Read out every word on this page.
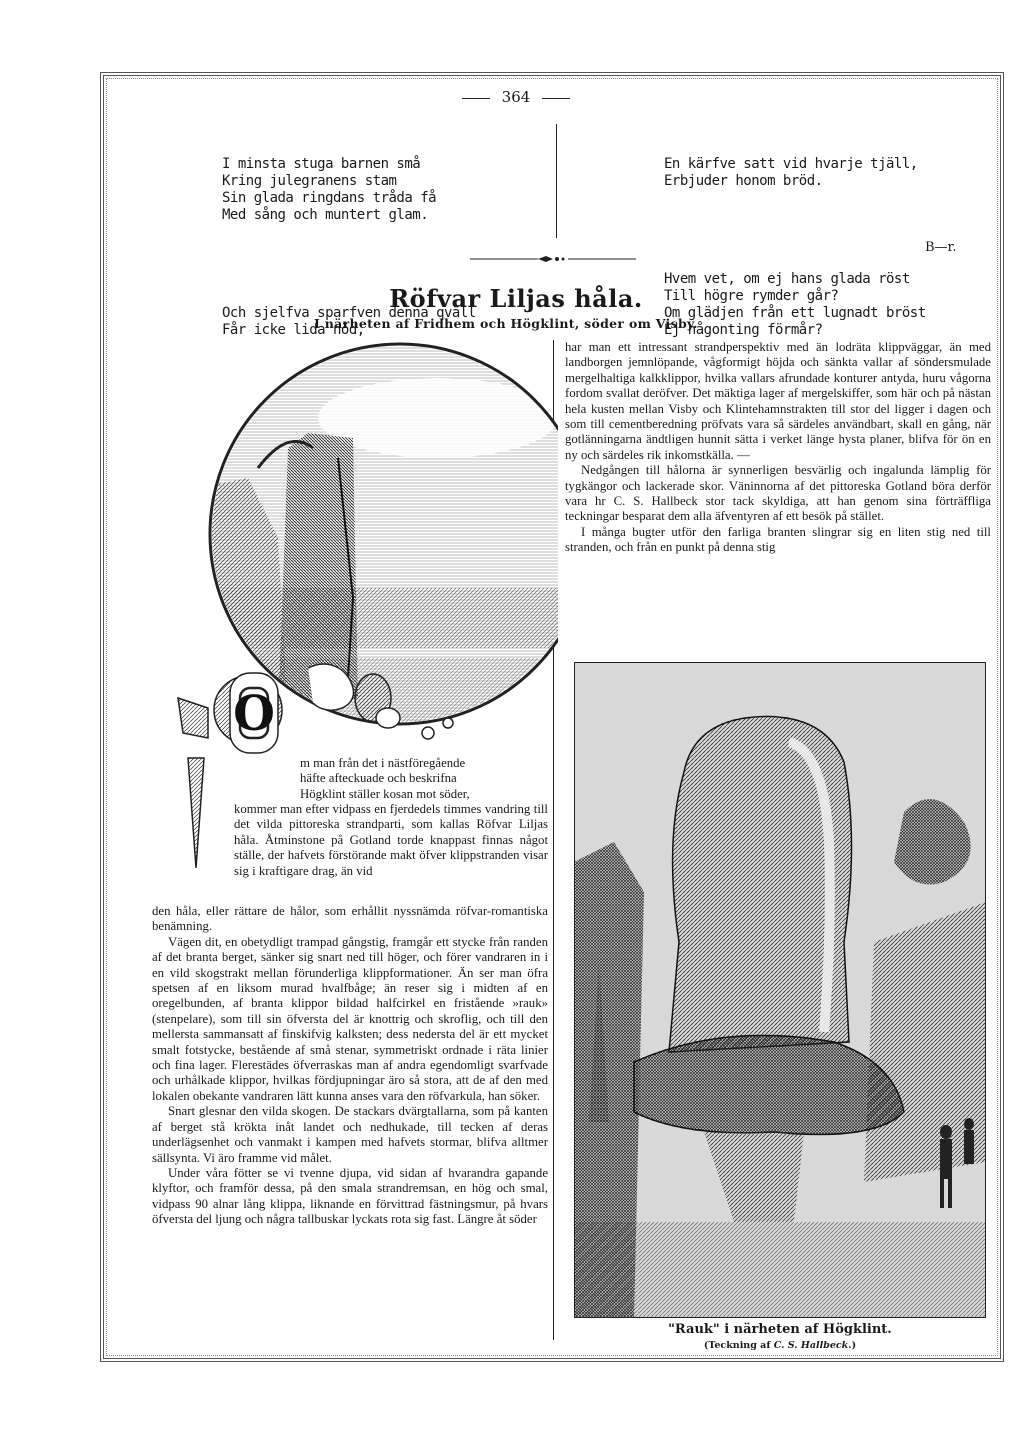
364

I minsta stuga barnen små
Kring julegranens stam
Sin glada ringdans tråda få
Med sång och muntert glam.

Och sjelfva sparfven denna qväll
Får icke lida nöd,

En kärfve satt vid hvarje tjäll,
Erbjuder honom bröd.

Hvem vet, om ej hans glada röst
Till högre rymder går?
Om glädjen från ett lugnadt bröst
Ej någonting förmår?

B—r.
Röfvar Liljas håla.
I närheten af Fridhem och Högklint, söder om Visby.
O

m man från det i nästföregående
häfte afteckuade och beskrifna
Högklint ställer kosan mot söder,

kommer man efter vidpass en fjerdedels timmes vandring till det vilda pittoreska strandparti, som kallas Röfvar Liljas håla. Åtminstone på Gotland torde knappast finnas något ställe, der hafvets förstörande makt öfver klippstranden visar sig i kraftigare drag, än vid

den håla, eller rättare de hålor, som erhållit nyssnämda röfvar-romantiska benämning.

Vägen dit, en obetydligt trampad gångstig, framgår ett stycke från randen af det branta berget, sänker sig snart ned till höger, och förer vandraren in i en vild skogstrakt mellan förunderliga klippformationer. Än ser man öfra spetsen af en liksom murad hvalfbåge; än reser sig i midten af en oregelbunden, af branta klippor bildad halfcirkel en fristående »rauk» (stenpelare), som till sin öfversta del är knottrig och skroflig, och till den mellersta sammansatt af finskifvig kalksten; dess nedersta del är ett mycket smalt fotstycke, bestående af små stenar, symmetriskt ordnade i räta linier och fina lager. Flerestädes öfverraskas man af andra egendomligt svarfvade och urhålkade klippor, hvilkas fördjupningar äro så stora, att de af den med lokalen obekante vandraren lätt kunna anses vara den röfvarkula, han söker.

Snart glesnar den vilda skogen. De stackars dvärgtallarna, som på kanten af berget stå krökta inåt landet och nedhukade, till tecken af deras underlägsenhet och vanmakt i kampen med hafvets stormar, blifva alltmer sällsynta. Vi äro framme vid målet.

Under våra fötter se vi tvenne djupa, vid sidan af hvarandra gapande klyftor, och framför dessa, på den smala strandremsan, en hög och smal, vidpass 90 alnar lång klippa, liknande en förvittrad fästningsmur, på hvars öfversta del ljung och några tallbuskar lyckats rota sig fast. Längre åt söder

har man ett intressant strandperspektiv med än lodräta klippväggar, än med landborgen jemnlöpande, vågformigt höjda och sänkta vallar af söndersmulade mergelhaltiga kalkklippor, hvilka vallars afrundade konturer antyda, huru vågorna fordom svallat deröfver. Det mäktiga lager af mergelskiffer, som här och på nästan hela kusten mellan Visby och Klintehamnstrakten till stor del ligger i dagen och som till cementberedning pröfvats vara så särdeles användbart, skall en gång, när gotlänningarna ändtligen hunnit sätta i verket länge hysta planer, blifva för ön en ny och särdeles rik inkomstkälla. —

Nedgången till hålorna är synnerligen besvärlig och ingalunda lämplig för tygkängor och lackerade skor. Väninnorna af det pittoreska Gotland böra derför vara hr C. S. Hallbeck stor tack skyldiga, att han genom sina förträffliga teckningar besparat dem alla äfventyren af ett besök på stället.

I många bugter utför den farliga branten slingrar sig en liten stig ned till stranden, och från en punkt på denna stig

"Rauk" i närheten af Högklint.
(Teckning af C. S. Hallbeck.)
